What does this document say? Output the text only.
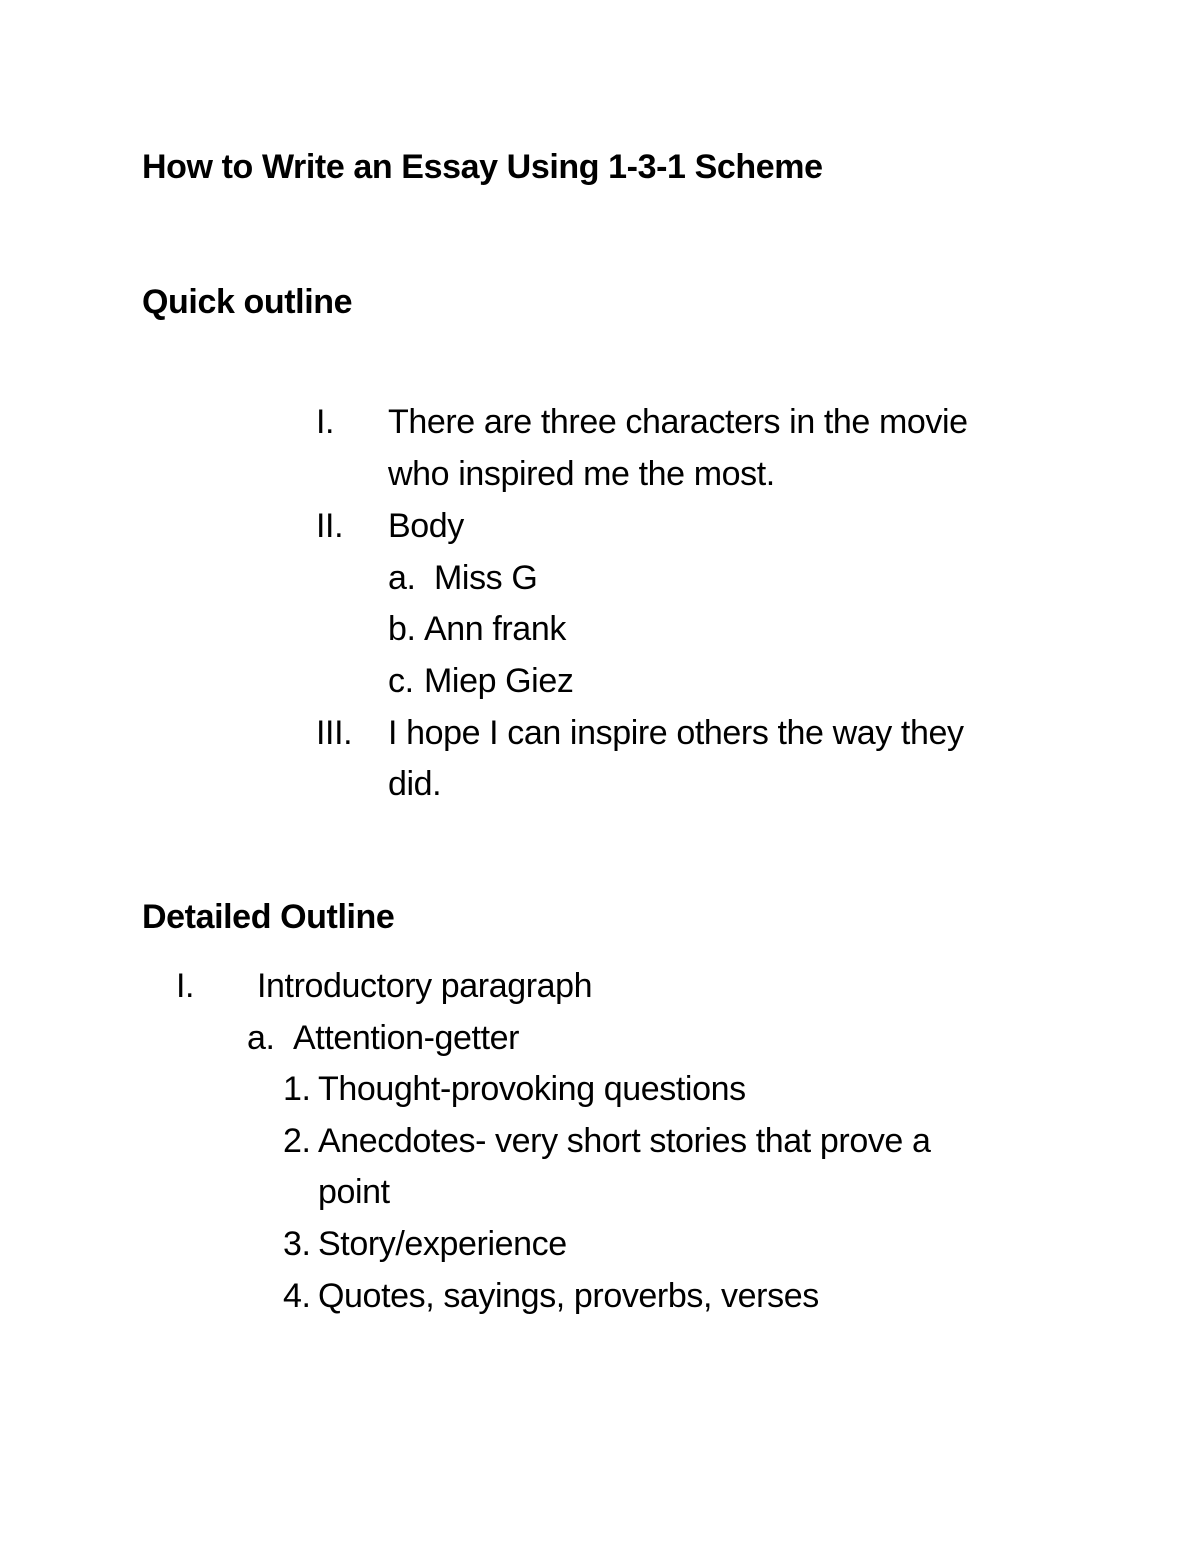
How to Write an Essay Using 1-3-1 Scheme
Quick outline
I. There are three characters in the movie
who inspired me the most.
II. Body
a. Miss G
b. Ann frank
c. Miep Giez
III. I hope I can inspire others the way they
did.
Detailed Outline
I. Introductory paragraph
a. Attention-getter
1. Thought-provoking questions
2. Anecdotes- very short stories that prove a
point
3. Story/experience
4. Quotes, sayings, proverbs, verses
